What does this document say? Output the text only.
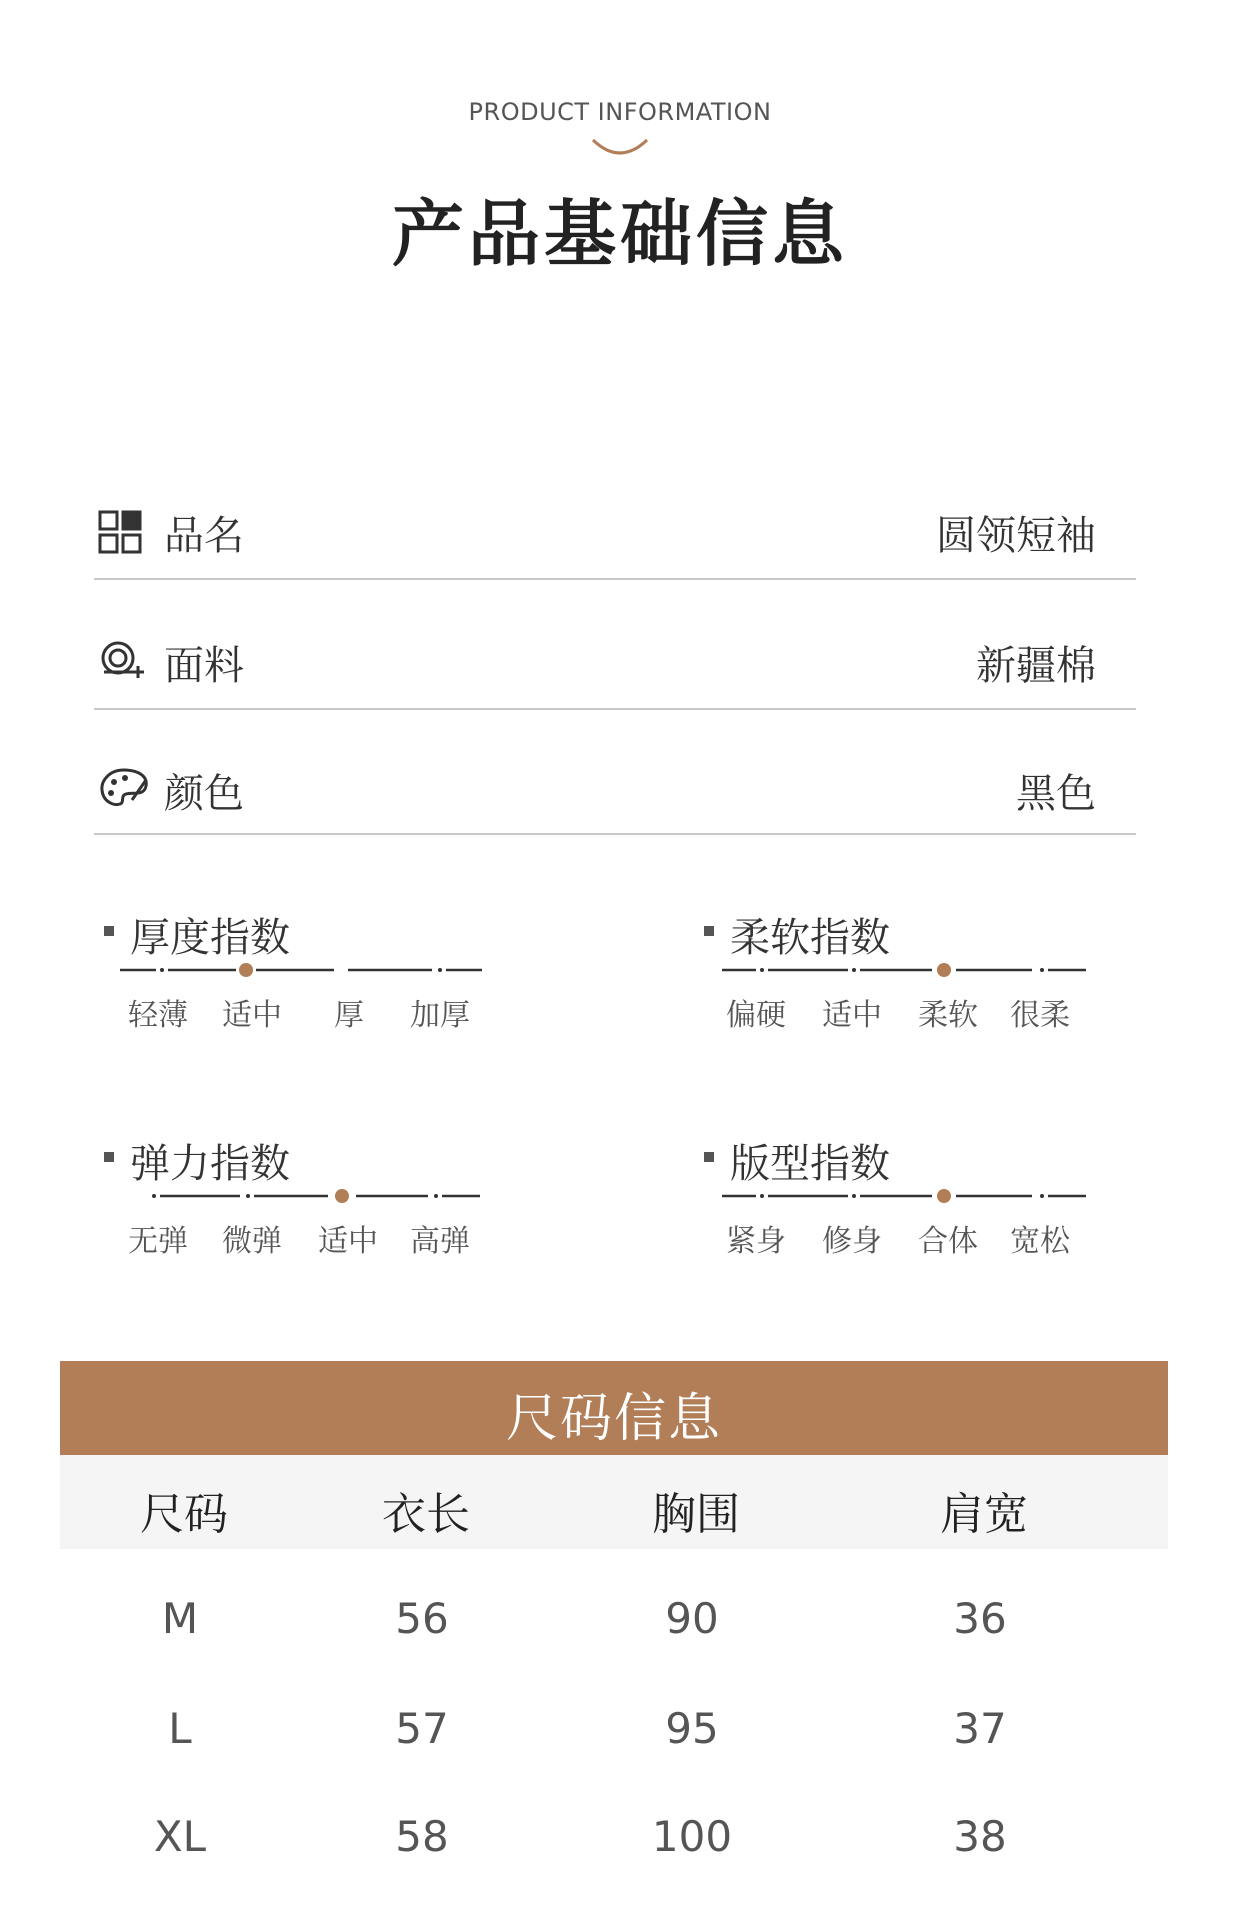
PRODUCT INFORMATION
产品基础信息
品名	圆领短袖
面料	新疆棉
颜色	黑色
厚度指数
轻薄 适中 厚 加厚
柔软指数
偏硬 适中 柔软 很柔
弹力指数
无弹 微弹 适中 高弹
版型指数
紧身 修身 合体 宽松
尺码信息
尺码	衣长	胸围	肩宽
M	56	90	36
L	57	95	37
XL	58	100	38
